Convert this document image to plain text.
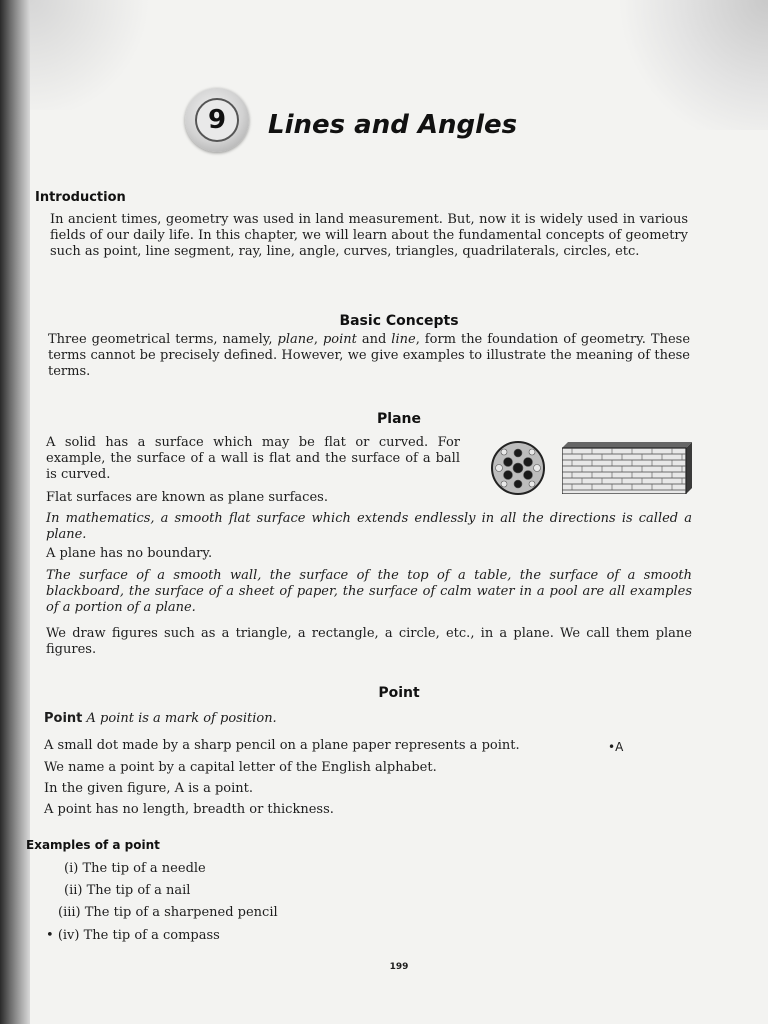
9	Lines and Angles
Introduction
In ancient times, geometry was used in land measurement. But, now it is widely used in various fields of our daily life. In this chapter, we will learn about the fundamental concepts of geometry such as point, line segment, ray, line, angle, curves, triangles, quadrilaterals, circles, etc.
Basic Concepts
Three geometrical terms, namely, plane, point and line, form the foundation of geometry. These terms cannot be precisely defined. However, we give examples to illustrate the meaning of these terms.
Plane
A solid has a surface which may be flat or curved. For example, the surface of a wall is flat and the surface of a ball is curved.
Flat surfaces are known as plane surfaces.
In mathematics, a smooth flat surface which extends endlessly in all the directions is called a plane.
A plane has no boundary.
The surface of a smooth wall, the surface of the top of a table, the surface of a smooth blackboard, the surface of a sheet of paper, the surface of calm water in a pool are all examples of a portion of a plane.
We draw figures such as a triangle, a rectangle, a circle, etc., in a plane. We call them plane figures.
Point
Point A point is a mark of position.
A small dot made by a sharp pencil on a plane paper represents a point.	•A
We name a point by a capital letter of the English alphabet.
In the given figure, A is a point.
A point has no length, breadth or thickness.
Examples of a point
(i) The tip of a needle
(ii) The tip of a nail
(iii) The tip of a sharpened pencil
• (iv) The tip of a compass
199
